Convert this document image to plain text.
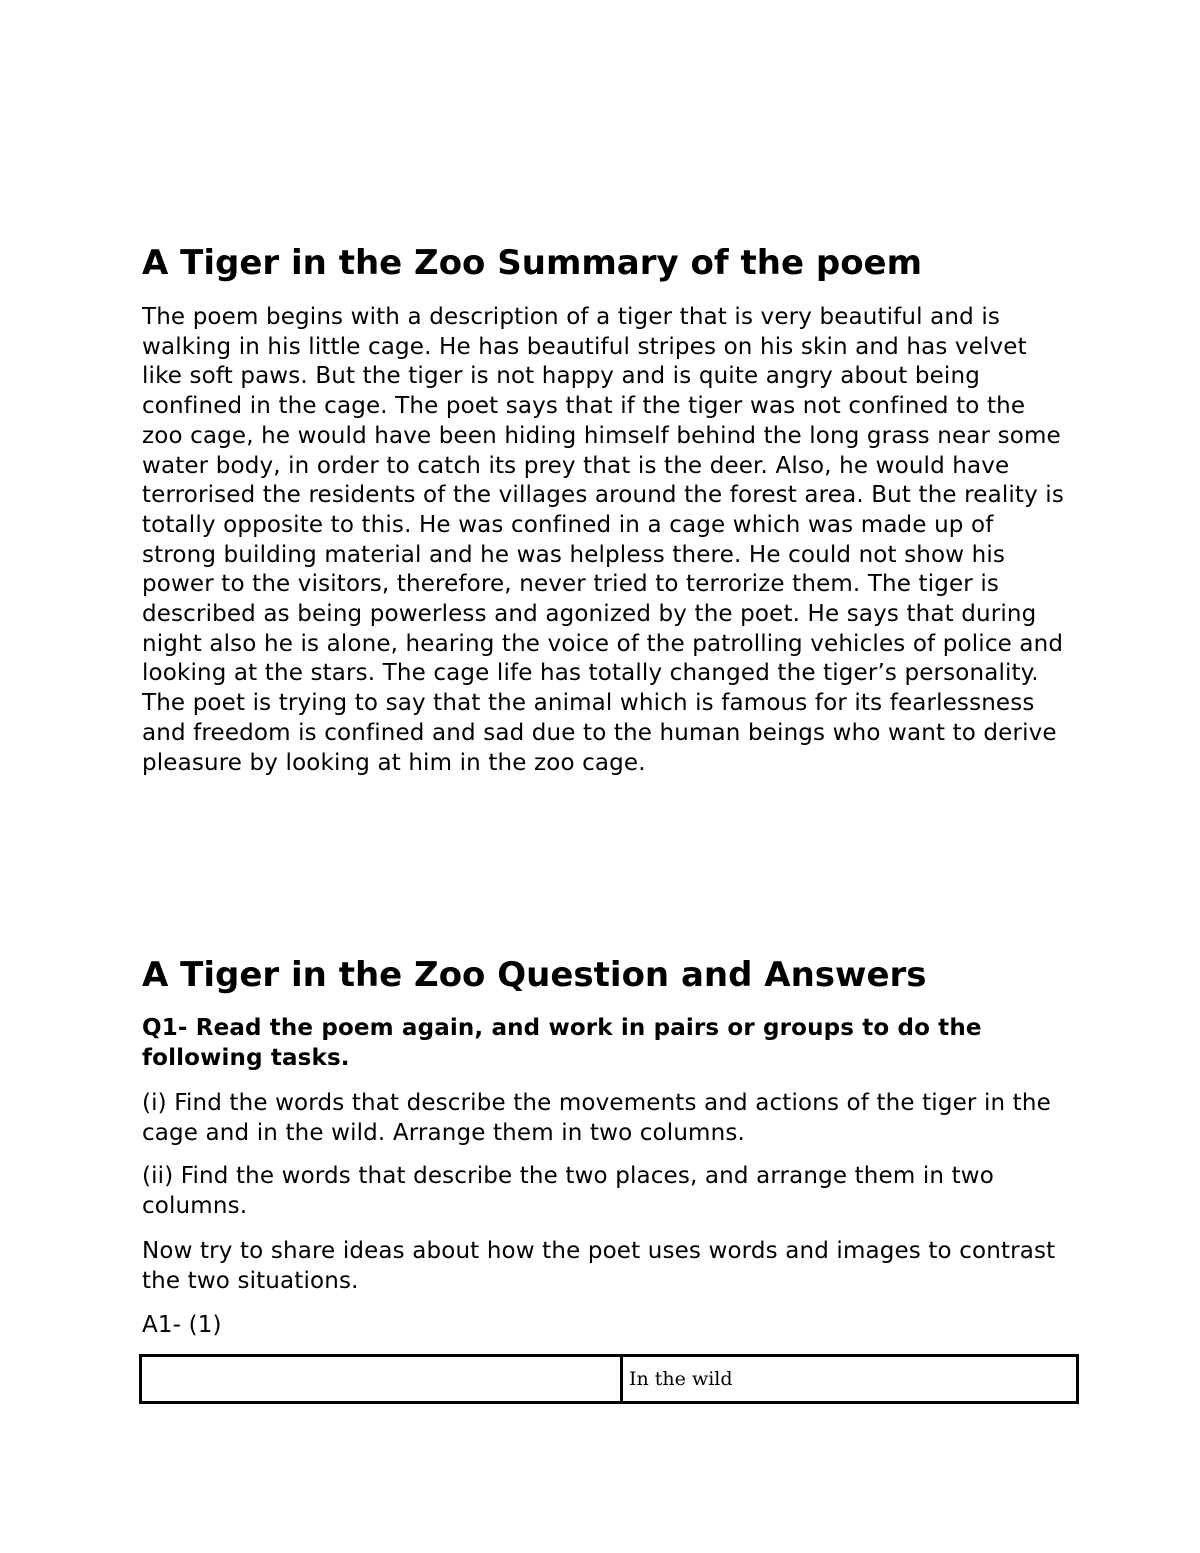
A Tiger in the Zoo Summary of the poem

The poem begins with a description of a tiger that is very beautiful and is walking in his little cage. He has beautiful stripes on his skin and has velvet like soft paws. But the tiger is not happy and is quite angry about being confined in the cage. The poet says that if the tiger was not confined to the zoo cage, he would have been hiding himself behind the long grass near some water body, in order to catch its prey that is the deer. Also, he would have terrorised the residents of the villages around the forest area. But the reality is totally opposite to this. He was confined in a cage which was made up of strong building material and he was helpless there. He could not show his power to the visitors, therefore, never tried to terrorize them. The tiger is described as being powerless and agonized by the poet. He says that during night also he is alone, hearing the voice of the patrolling vehicles of police and looking at the stars. The cage life has totally changed the tiger’s personality. The poet is trying to say that the animal which is famous for its fearlessness and freedom is confined and sad due to the human beings who want to derive pleasure by looking at him in the zoo cage.

A Tiger in the Zoo Question and Answers

Q1- Read the poem again, and work in pairs or groups to do the following tasks.

(i) Find the words that describe the movements and actions of the tiger in the cage and in the wild. Arrange them in two columns.

(ii) Find the words that describe the two places, and arrange them in two columns.

Now try to share ideas about how the poet uses words and images to contrast the two situations.

A1- (1)

	In the wild
